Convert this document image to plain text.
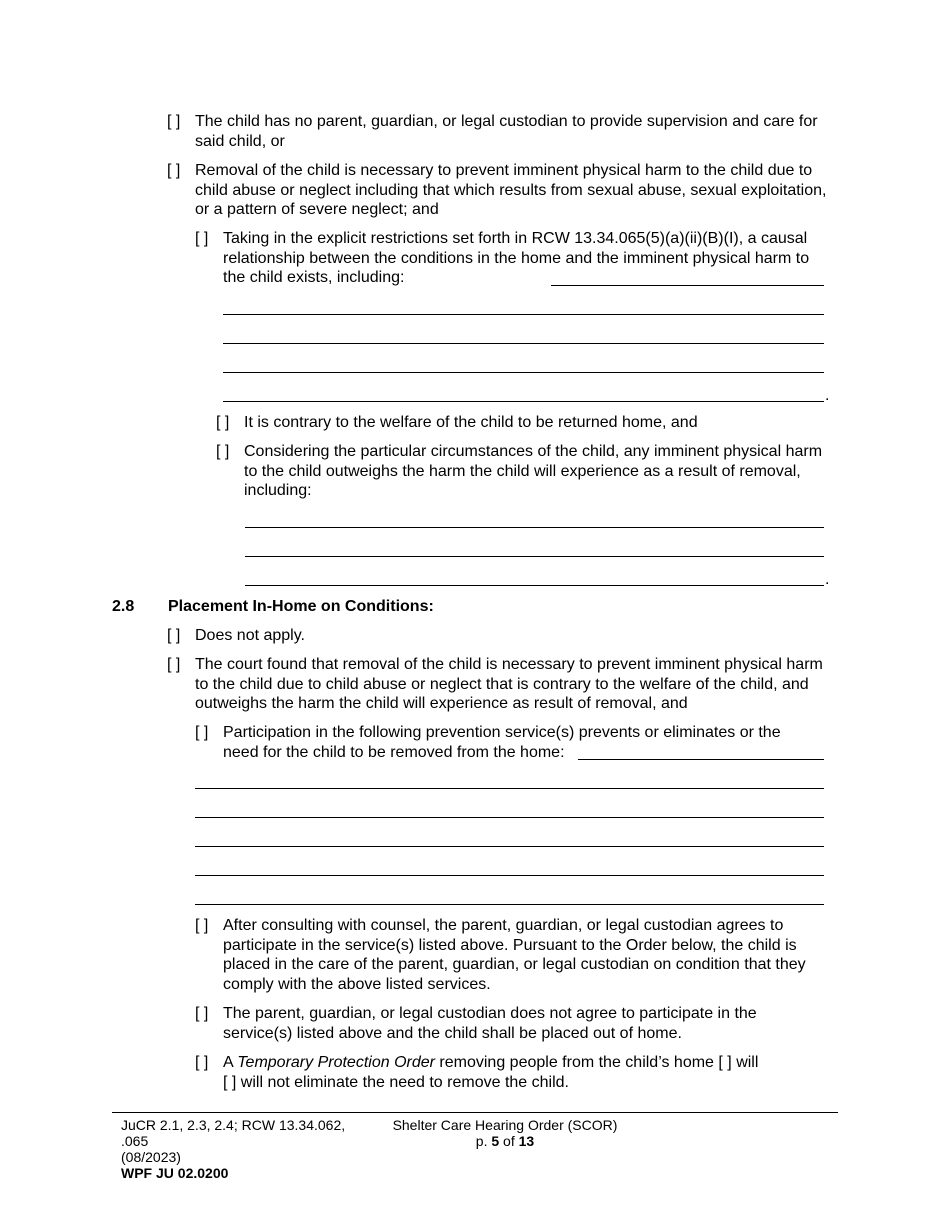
[ ] The child has no parent, guardian, or legal custodian to provide supervision and care for said child, or
[ ] Removal of the child is necessary to prevent imminent physical harm to the child due to child abuse or neglect including that which results from sexual abuse, sexual exploitation, or a pattern of severe neglect; and
[ ] Taking in the explicit restrictions set forth in RCW 13.34.065(5)(a)(ii)(B)(I), a causal relationship between the conditions in the home and the imminent physical harm to the child exists, including:
.
[ ] It is contrary to the welfare of the child to be returned home, and
[ ] Considering the particular circumstances of the child, any imminent physical harm to the child outweighs the harm the child will experience as a result of removal, including:
.
2.8 Placement In-Home on Conditions:
[ ] Does not apply.
[ ] The court found that removal of the child is necessary to prevent imminent physical harm to the child due to child abuse or neglect that is contrary to the welfare of the child, and outweighs the harm the child will experience as result of removal, and
[ ] Participation in the following prevention service(s) prevents or eliminates or the need for the child to be removed from the home:
[ ] After consulting with counsel, the parent, guardian, or legal custodian agrees to participate in the service(s) listed above. Pursuant to the Order below, the child is placed in the care of the parent, guardian, or legal custodian on condition that they comply with the above listed services.
[ ] The parent, guardian, or legal custodian does not agree to participate in the service(s) listed above and the child shall be placed out of home.
[ ] A Temporary Protection Order removing people from the child’s home [ ] will
[ ] will not eliminate the need to remove the child.
JuCR 2.1, 2.3, 2.4; RCW 13.34.062,
.065
(08/2023)
WPF JU 02.0200
Shelter Care Hearing Order (SCOR)
p. 5 of 13
